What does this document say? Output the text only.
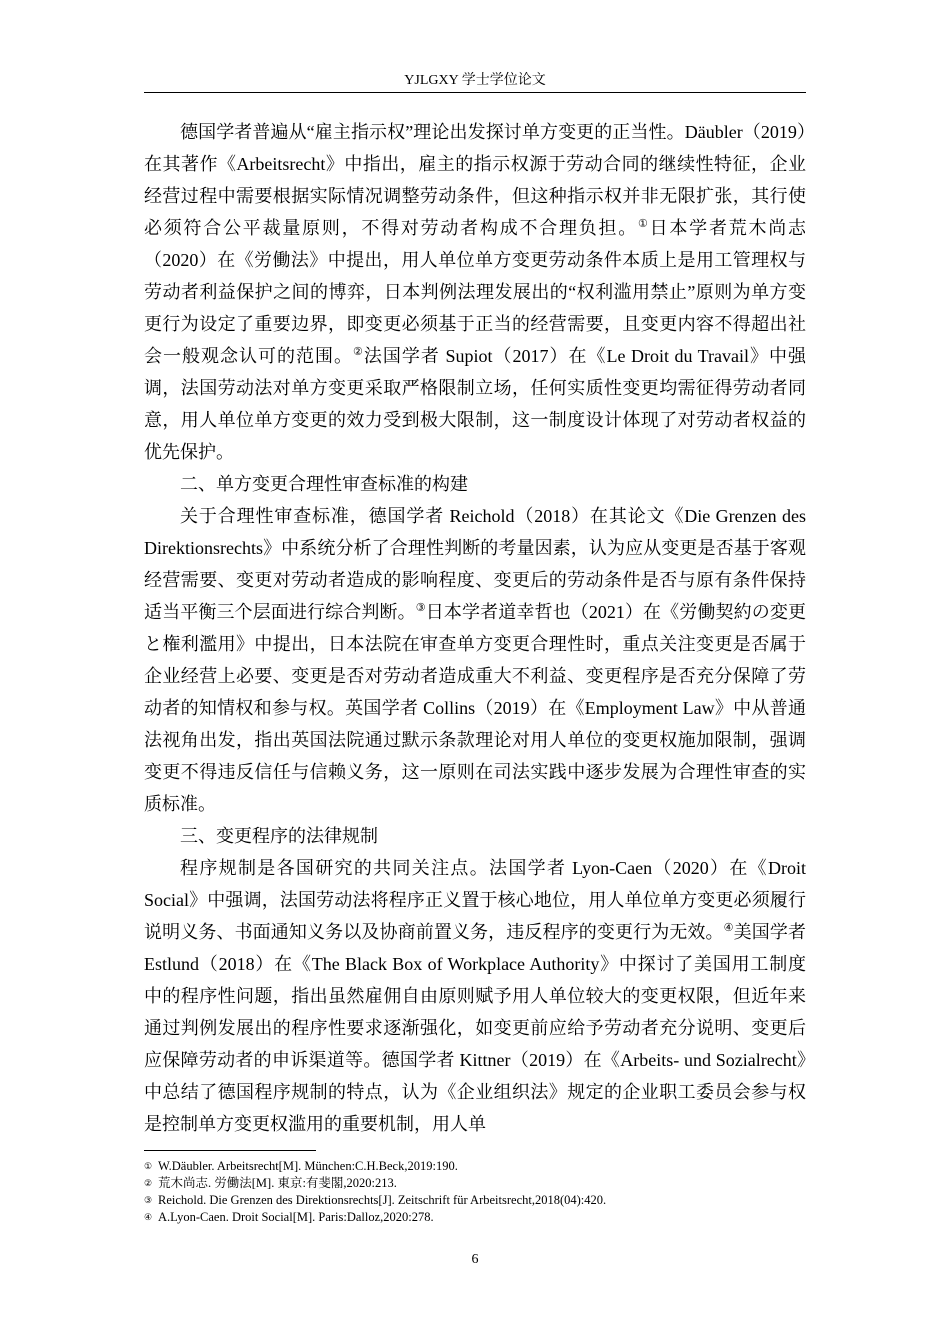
YJLGXY 学士学位论文

德国学者普遍从“雇主指示权”理论出发探讨单方变更的正当性。Däubler（2019）在其著作《Arbeitsrecht》中指出，雇主的指示权源于劳动合同的继续性特征，企业经营过程中需要根据实际情况调整劳动条件，但这种指示权并非无限扩张，其行使必须符合公平裁量原则，不得对劳动者构成不合理负担。①日本学者荒木尚志（2020）在《労働法》中提出，用人单位单方变更劳动条件本质上是用工管理权与劳动者利益保护之间的博弈，日本判例法理发展出的“权利滥用禁止”原则为单方变更行为设定了重要边界，即变更必须基于正当的经营需要，且变更内容不得超出社会一般观念认可的范围。②法国学者 Supiot（2017）在《Le Droit du Travail》中强调，法国劳动法对单方变更采取严格限制立场，任何实质性变更均需征得劳动者同意，用人单位单方变更的效力受到极大限制，这一制度设计体现了对劳动者权益的优先保护。

二、单方变更合理性审查标准的构建

关于合理性审查标准，德国学者 Reichold（2018）在其论文《Die Grenzen des Direktionsrechts》中系统分析了合理性判断的考量因素，认为应从变更是否基于客观经营需要、变更对劳动者造成的影响程度、变更后的劳动条件是否与原有条件保持适当平衡三个层面进行综合判断。③日本学者道幸哲也（2021）在《労働契約の変更と権利濫用》中提出，日本法院在审查单方变更合理性时，重点关注变更是否属于企业经营上必要、变更是否对劳动者造成重大不利益、变更程序是否充分保障了劳动者的知情权和参与权。英国学者 Collins（2019）在《Employment Law》中从普通法视角出发，指出英国法院通过默示条款理论对用人单位的变更权施加限制，强调变更不得违反信任与信赖义务，这一原则在司法实践中逐步发展为合理性审查的实质标准。

三、变更程序的法律规制

程序规制是各国研究的共同关注点。法国学者 Lyon-Caen（2020）在《Droit Social》中强调，法国劳动法将程序正义置于核心地位，用人单位单方变更必须履行说明义务、书面通知义务以及协商前置义务，违反程序的变更行为无效。④美国学者 Estlund（2018）在《The Black Box of Workplace Authority》中探讨了美国用工制度中的程序性问题，指出虽然雇佣自由原则赋予用人单位较大的变更权限，但近年来通过判例发展出的程序性要求逐渐强化，如变更前应给予劳动者充分说明、变更后应保障劳动者的申诉渠道等。德国学者 Kittner（2019）在《Arbeits- und Sozialrecht》中总结了德国程序规制的特点，认为《企业组织法》规定的企业职工委员会参与权是控制单方变更权滥用的重要机制，用人单

① W.Däubler. Arbeitsrecht[M]. München:C.H.Beck,2019:190.
② 荒木尚志. 労働法[M]. 東京:有斐閣,2020:213.
③ Reichold. Die Grenzen des Direktionsrechts[J]. Zeitschrift für Arbeitsrecht,2018(04):420.
④ A.Lyon-Caen. Droit Social[M]. Paris:Dalloz,2020:278.
6
